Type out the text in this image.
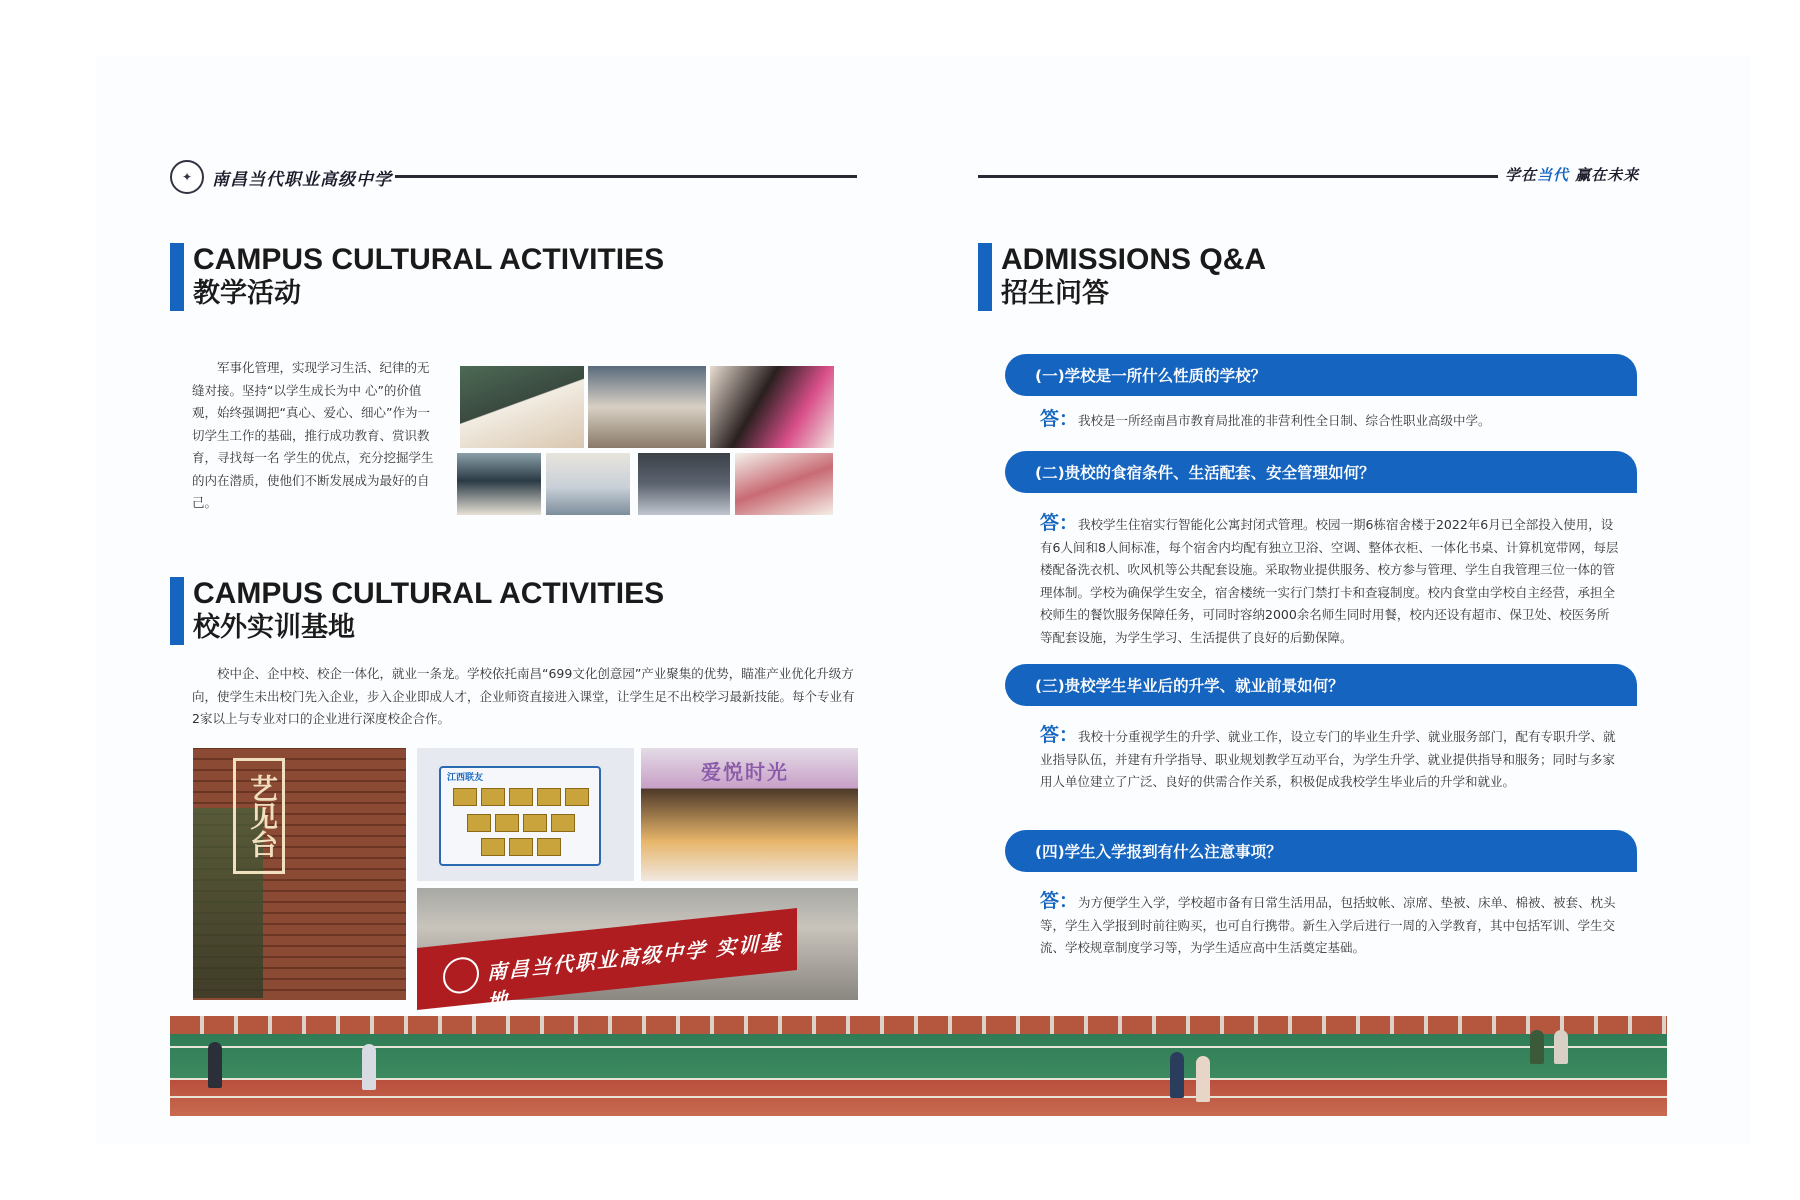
✦	南昌当代职业高级中学	学在当代 赢在未来
CAMPUS CULTURAL ACTIVITIES
教学活动
军事化管理，实现学习生活、纪律的无缝对接。坚持“以学生成长为中 心”的价值观，始终强调把“真心、爱心、细心”作为一切学生工作的基础，推行成功教育、赏识教育，寻找每一名 学生的优点，充分挖掘学生的内在潜质，使他们不断发展成为最好的自己。
CAMPUS CULTURAL ACTIVITIES
校外实训基地
校中企、企中校、校企一体化，就业一条龙。学校依托南昌“699文化创意园”产业聚集的优势，瞄准产业优化升级方向，使学生未出校门先入企业，步入企业即成人才，企业师资直接进入课堂，让学生足不出校学习最新技能。每个专业有2家以上与专业对口的企业进行深度校企合作。
艺见台	江西联友	爱悦时光
南昌当代职业高级中学 实训基地
ADMISSIONS Q&A
招生问答
(一)学校是一所什么性质的学校？
答：我校是一所经南昌市教育局批准的非营利性全日制、综合性职业高级中学。
(二)贵校的食宿条件、生活配套、安全管理如何？
答：我校学生住宿实行智能化公寓封闭式管理。校园一期6栋宿舍楼于2022年6月已全部投入使用，设有6人间和8人间标准，每个宿舍内均配有独立卫浴、空调、整体衣柜、一体化书桌、计算机宽带网，每层楼配备洗衣机、吹风机等公共配套设施。采取物业提供服务、校方参与管理、学生自我管理三位一体的管理体制。学校为确保学生安全，宿舍楼统一实行门禁打卡和查寝制度。校内食堂由学校自主经营，承担全校师生的餐饮服务保障任务，可同时容纳2000余名师生同时用餐，校内还设有超市、保卫处、校医务所等配套设施，为学生学习、生活提供了良好的后勤保障。
(三)贵校学生毕业后的升学、就业前景如何？
答：我校十分重视学生的升学、就业工作，设立专门的毕业生升学、就业服务部门，配有专职升学、就业指导队伍，并建有升学指导、职业规划教学互动平台，为学生升学、就业提供指导和服务；同时与多家用人单位建立了广泛、良好的供需合作关系，积极促成我校学生毕业后的升学和就业。
(四)学生入学报到有什么注意事项？
答：为方便学生入学，学校超市备有日常生活用品，包括蚊帐、凉席、垫被、床单、棉被、被套、枕头等，学生入学报到时前往购买，也可自行携带。新生入学后进行一周的入学教育，其中包括军训、学生交流、学校规章制度学习等，为学生适应高中生活奠定基础。
